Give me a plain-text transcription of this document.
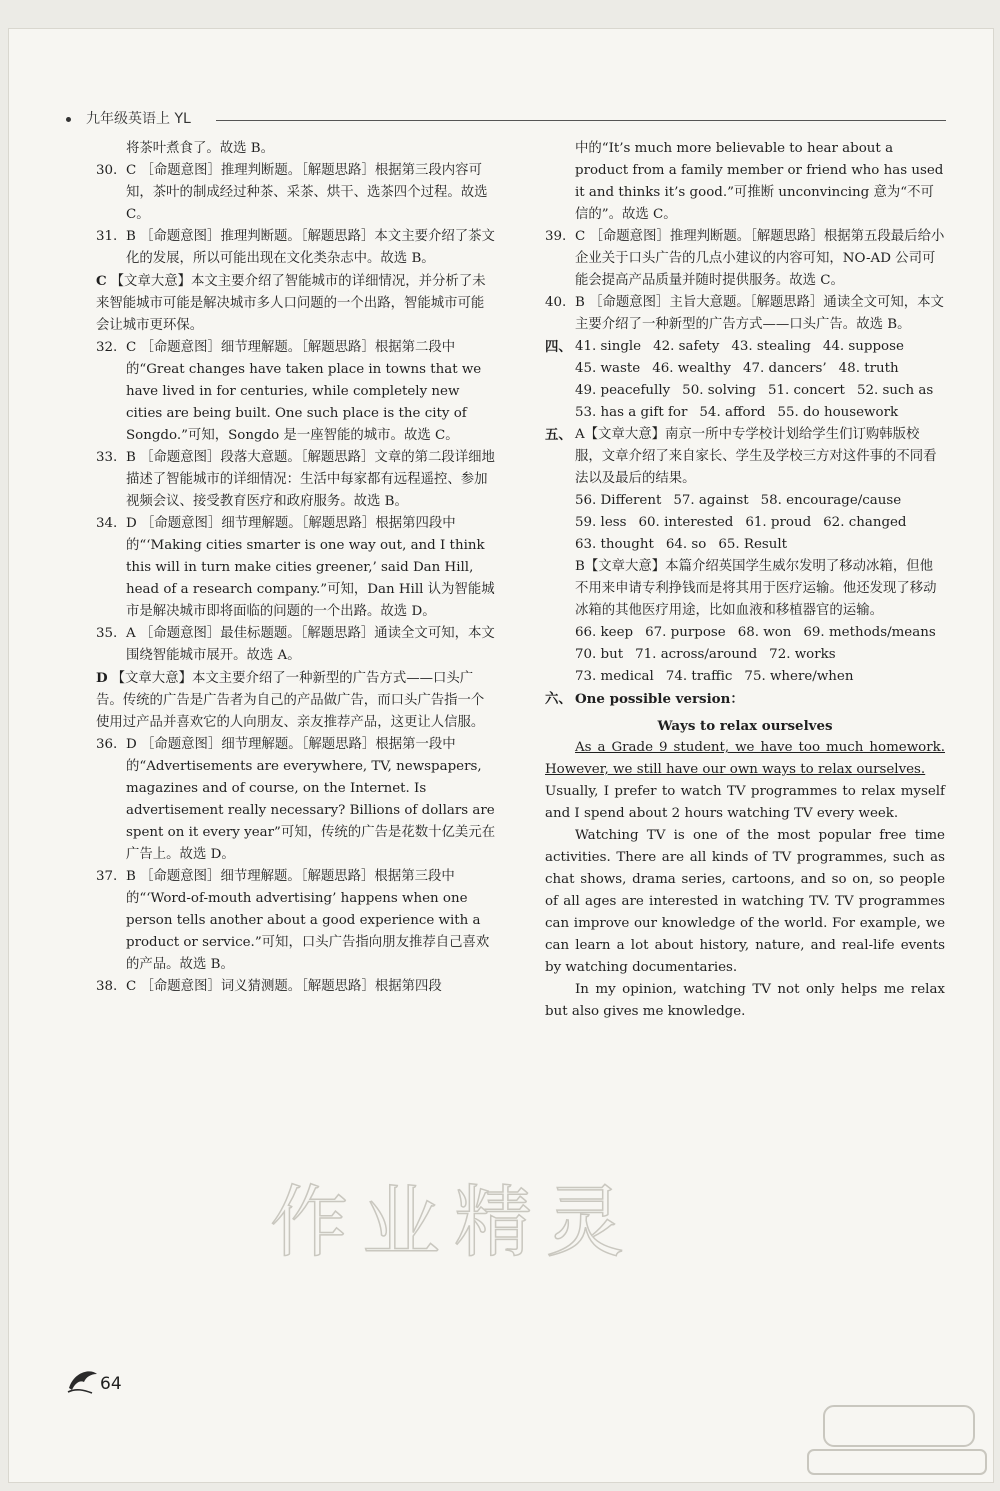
九年级英语上 YL
将茶叶煮食了。故选 B。
30. C ［命题意图］推理判断题。［解题思路］根据第三段内容可知，茶叶的制成经过种茶、采茶、烘干、选茶四个过程。故选 C。
31. B ［命题意图］推理判断题。［解题思路］本文主要介绍了茶文化的发展，所以可能出现在文化类杂志中。故选 B。
C 【文章大意】本文主要介绍了智能城市的详细情况，并分析了未来智能城市可能是解决城市多人口问题的一个出路，智能城市可能会让城市更环保。
32. C ［命题意图］细节理解题。［解题思路］根据第二段中的“Great changes have taken place in towns that we have lived in for centuries, while completely new cities are being built. One such place is the city of Songdo.”可知，Songdo 是一座智能的城市。故选 C。
33. B ［命题意图］段落大意题。［解题思路］文章的第二段详细地描述了智能城市的详细情况：生活中每家都有远程遥控、参加视频会议、接受教育医疗和政府服务。故选 B。
34. D ［命题意图］细节理解题。［解题思路］根据第四段中的“‘Making cities smarter is one way out, and I think this will in turn make cities greener,’ said Dan Hill, head of a research company.”可知，Dan Hill 认为智能城市是解决城市即将面临的问题的一个出路。故选 D。
35. A ［命题意图］最佳标题题。［解题思路］通读全文可知，本文围绕智能城市展开。故选 A。
D 【文章大意】本文主要介绍了一种新型的广告方式——口头广告。传统的广告是广告者为自己的产品做广告，而口头广告指一个使用过产品并喜欢它的人向朋友、亲友推荐产品，这更让人信服。
36. D ［命题意图］细节理解题。［解题思路］根据第一段中的“Advertisements are everywhere, TV, newspapers, magazines and of course, on the Internet. Is advertisement really necessary? Billions of dollars are spent on it every year”可知，传统的广告是花数十亿美元在广告上。故选 D。
37. B ［命题意图］细节理解题。［解题思路］根据第三段中的“‘Word-of-mouth advertising’ happens when one person tells another about a good experience with a product or service.”可知，口头广告指向朋友推荐自己喜欢的产品。故选 B。
38. C ［命题意图］词义猜测题。［解题思路］根据第四段
中的“It’s much more believable to hear about a product from a family member or friend who has used it and thinks it’s good.”可推断 unconvincing 意为“不可信的”。故选 C。
39. C ［命题意图］推理判断题。［解题思路］根据第五段最后给小企业关于口头广告的几点小建议的内容可知，NO-AD 公司可能会提高产品质量并随时提供服务。故选 C。
40. B ［命题意图］主旨大意题。［解题思路］通读全文可知，本文主要介绍了一种新型的广告方式——口头广告。故选 B。
四、 41. single 42. safety 43. stealing 44. suppose
45. waste 46. wealthy 47. dancers’ 48. truth
49. peacefully 50. solving 51. concert 52. such as
53. has a gift for 54. afford 55. do housework
五、 A【文章大意】南京一所中专学校计划给学生们订购韩版校服，文章介绍了来自家长、学生及学校三方对这件事的不同看法以及最后的结果。
56. Different 57. against 58. encourage/cause
59. less 60. interested 61. proud 62. changed
63. thought 64. so 65. Result
B【文章大意】本篇介绍英国学生威尔发明了移动冰箱，但他不用来申请专利挣钱而是将其用于医疗运输。他还发现了移动冰箱的其他医疗用途，比如血液和移植器官的运输。
66. keep 67. purpose 68. won 69. methods/means
70. but 71. across/around 72. works
73. medical 74. traffic 75. where/when
六、 One possible version：
Ways to relax ourselves

As a Grade 9 student, we have too much homework. However, we still have our own ways to relax ourselves.

Usually, I prefer to watch TV programmes to relax myself and I spend about 2 hours watching TV every week.

Watching TV is one of the most popular free time activities. There are all kinds of TV programmes, such as chat shows, drama series, cartoons, and so on, so people of all ages are interested in watching TV. TV programmes can improve our knowledge of the world. For example, we can learn a lot about history, nature, and real-life events by watching documentaries.

In my opinion, watching TV not only helps me relax but also gives me knowledge.

作业精灵
64
